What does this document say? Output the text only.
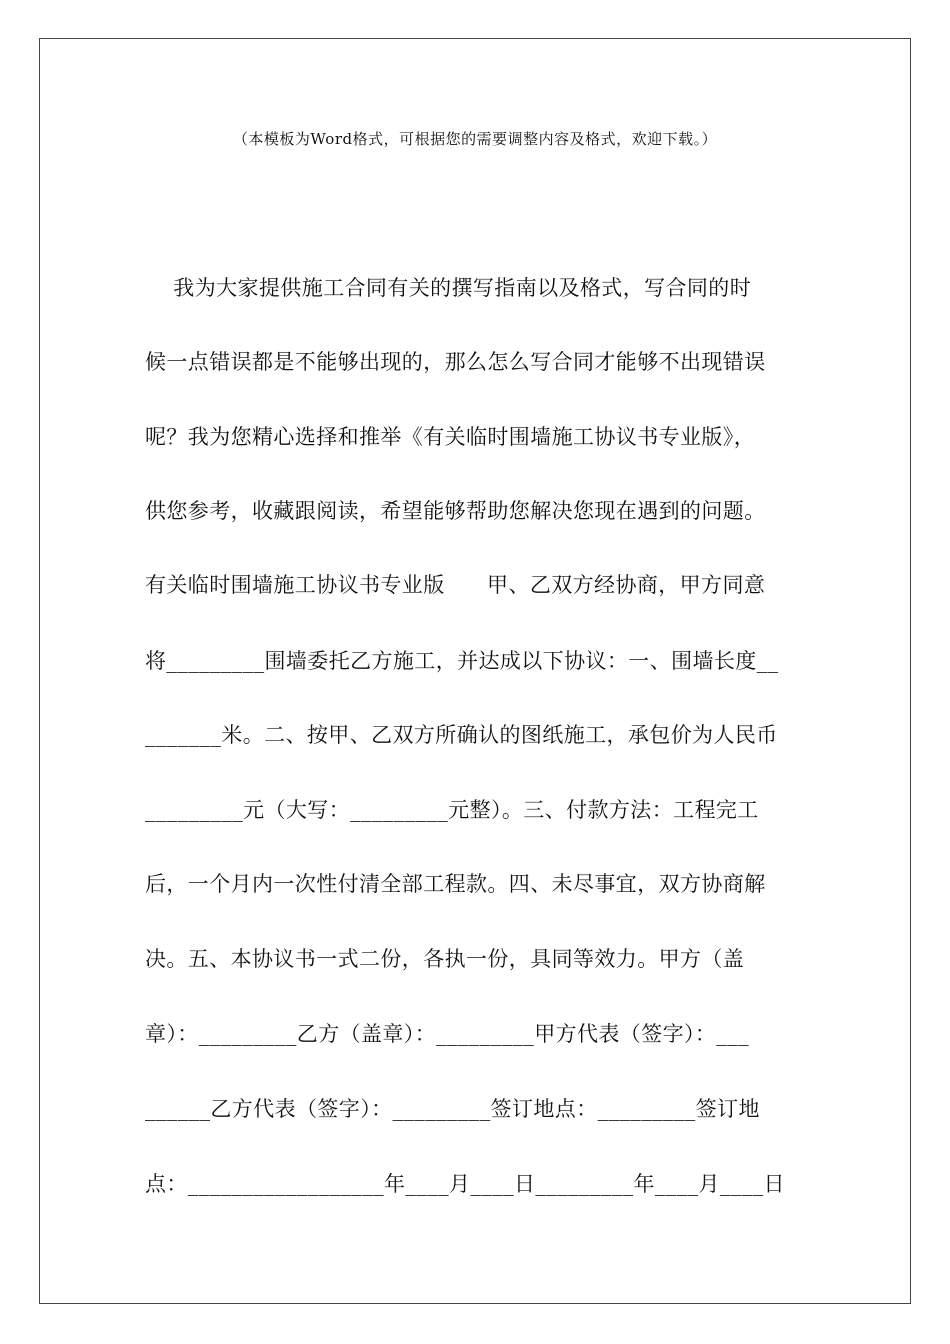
（本模板为Word格式，可根据您的需要调整内容及格式，欢迎下载。）
我为大家提供施工合同有关的撰写指南以及格式，写合同的时
候一点错误都是不能够出现的，那么怎么写合同才能够不出现错误
呢？我为您精心选择和推举《有关临时围墙施工协议书专业版》，
供您参考，收藏跟阅读，希望能够帮助您解决您现在遇到的问题。
有关临时围墙施工协议书专业版      甲、乙双方经协商，甲方同意
将_________围墙委托乙方施工，并达成以下协议：一、围墙长度__
_______米。二、按甲、乙双方所确认的图纸施工，承包价为人民币
_________元（大写：_________元整）。三、付款方法：工程完工
后，一个月内一次性付清全部工程款。四、未尽事宜，双方协商解
决。五、本协议书一式二份，各执一份，具同等效力。甲方（盖
章）：_________乙方（盖章）：_________甲方代表（签字）：___
______乙方代表（签字）：_________签订地点：_________签订地
点：__________________年____月____日_________年____月____日
